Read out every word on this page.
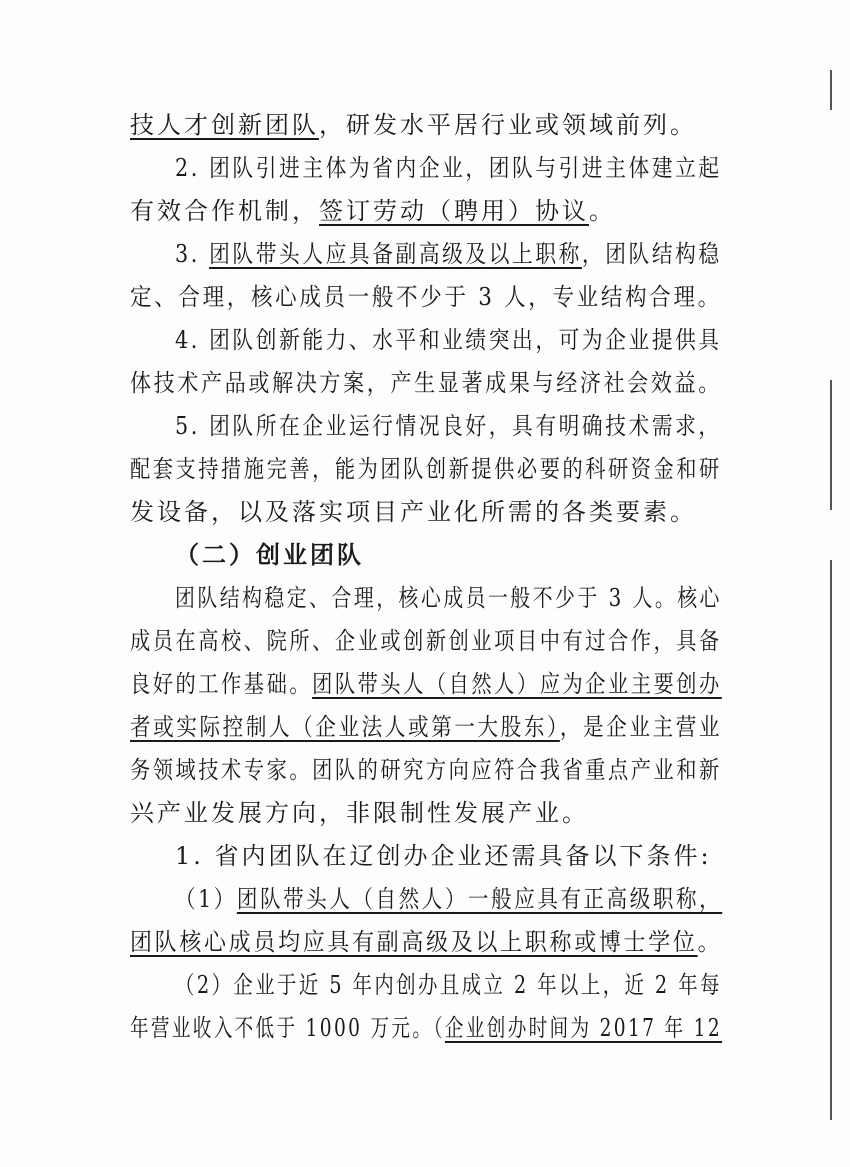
技人才创新团队，研发水平居行业或领域前列。
2. 团队引进主体为省内企业，团队与引进主体建立起
有效合作机制，签订劳动（聘用）协议。
3. 团队带头人应具备副高级及以上职称，团队结构稳
定、合理，核心成员一般不少于 3 人，专业结构合理。
4. 团队创新能力、水平和业绩突出，可为企业提供具
体技术产品或解决方案，产生显著成果与经济社会效益。
5. 团队所在企业运行情况良好，具有明确技术需求，
配套支持措施完善，能为团队创新提供必要的科研资金和研
发设备，以及落实项目产业化所需的各类要素。
（二）创业团队
团队结构稳定、合理，核心成员一般不少于 3 人。核心
成员在高校、院所、企业或创新创业项目中有过合作，具备
良好的工作基础。团队带头人（自然人）应为企业主要创办
者或实际控制人（企业法人或第一大股东），是企业主营业
务领域技术专家。团队的研究方向应符合我省重点产业和新
兴产业发展方向，非限制性发展产业。
1. 省内团队在辽创办企业还需具备以下条件:
（1）团队带头人（自然人）一般应具有正高级职称，
团队核心成员均应具有副高级及以上职称或博士学位。
（2）企业于近 5 年内创办且成立 2 年以上，近 2 年每
年营业收入不低于 1000 万元。（企业创办时间为 2017 年 12
